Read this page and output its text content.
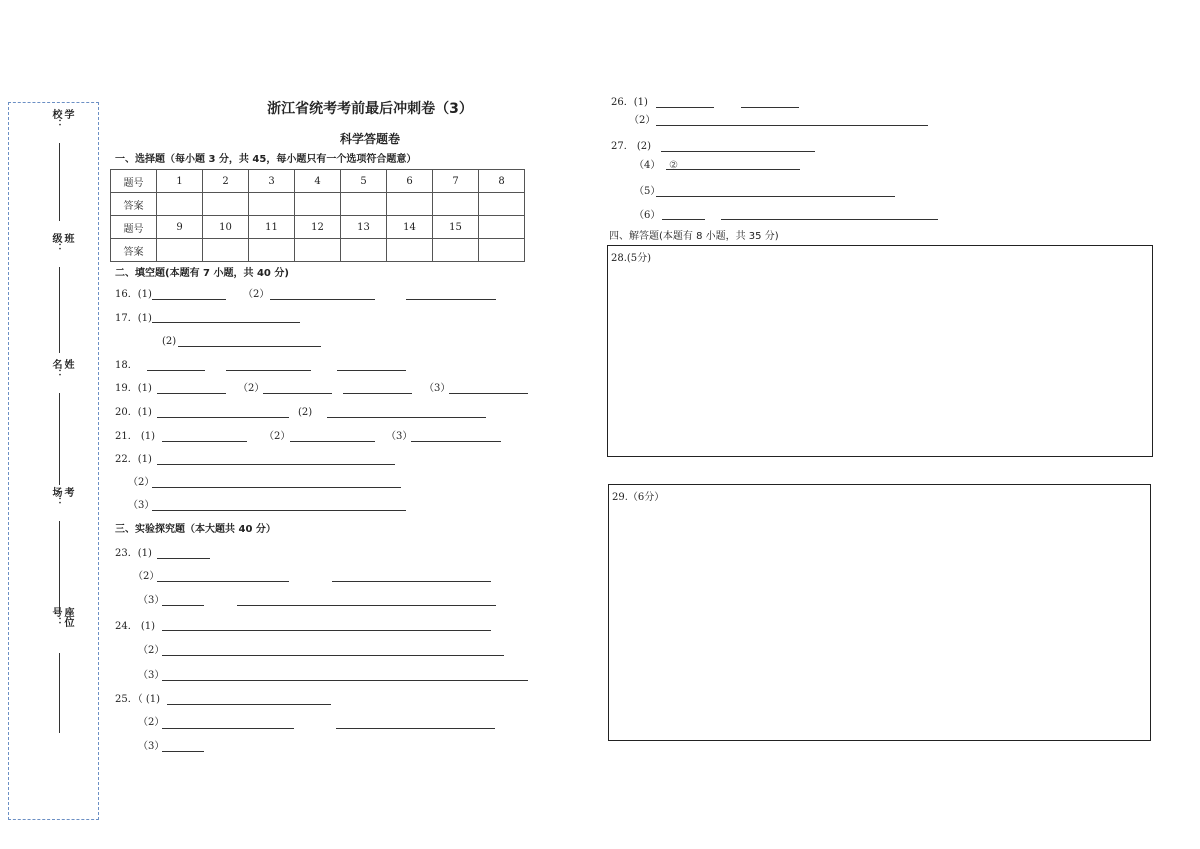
学校：
班级：
姓名：
考场：
座位号：
浙江省统考考前最后冲刺卷（3）
科学答题卷
一、选择题（每小题 3 分，共 45，每小题只有一个选项符合题意）
题号	1	2	3	4	5	6	7	8
答案								
题号	9	10	11	12	13	14	15	
答案								
二、填空题(本题有 7 小题，共 40 分)
16．(1)	（2）
17．(1)
(2)
18．
19．(1)	（2）	（3）
20．(1)	(2)
21． (1)	（2）	（3）
22．(1)
（2）
（3）
三、实验探究题（本大题共 40 分）
23．(1)
（2）
（3）
24． (1)
（2）
（3）
25．（ (1)
（2）
（3）
26．(1)
（2）
27． (2)
（4） ②
（5）
（6）
四、解答题(本题有 8 小题，共 35 分)
28.(5分)
29.（6分）
